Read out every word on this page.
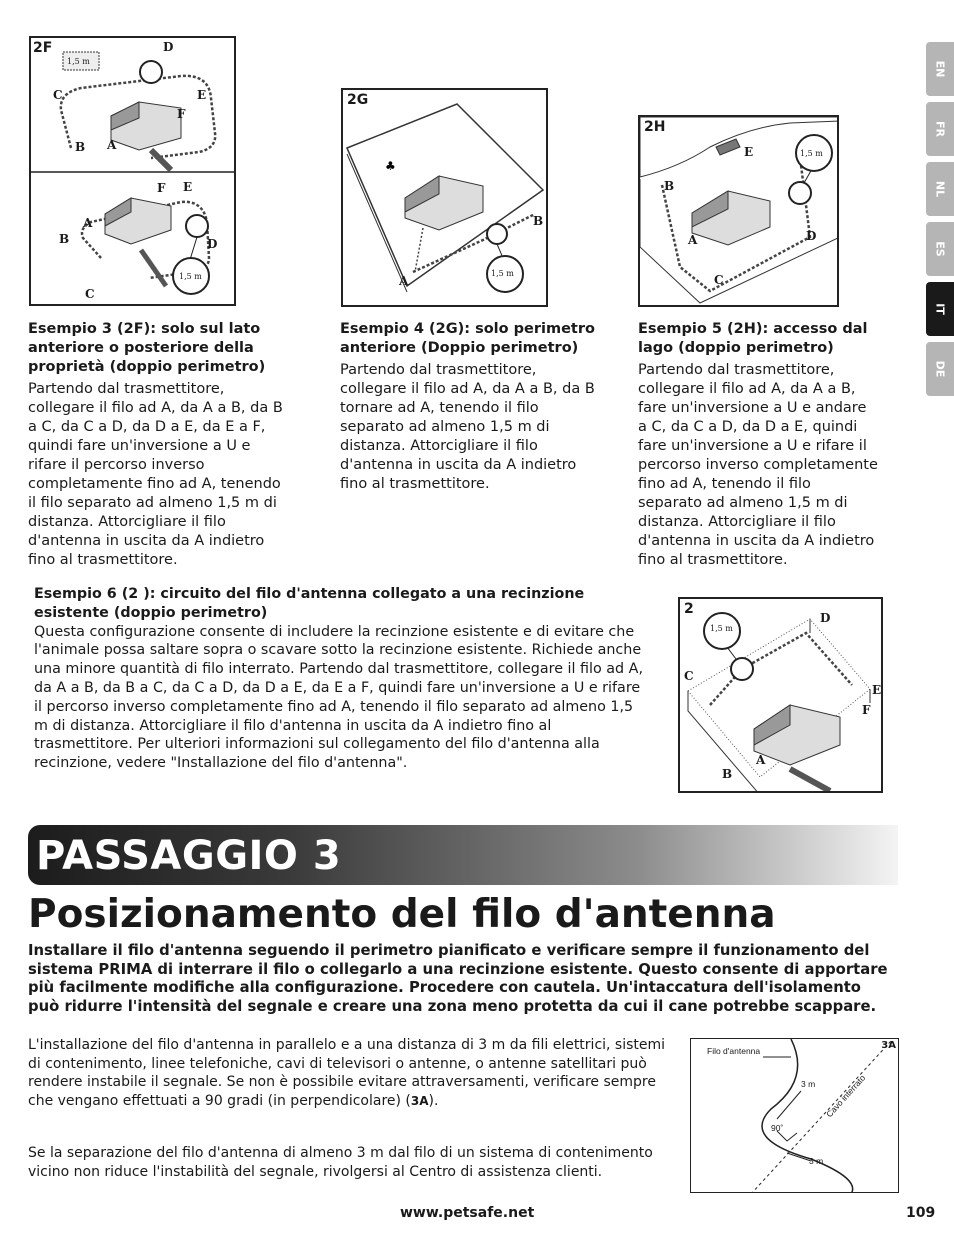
EN
FR
NL
ES
IT
DE
2F
1,5 m
1,5 m
D
C	E
F
B A
F E
A
B	D
C
♣
2G
1,5 m
B
A
2H
1,5 m
E
B
A	D
C

Esempio 3 (2F): solo sul lato anteriore o posteriore della proprietà (doppio perimetro)

Partendo dal trasmettitore, collegare il filo ad A, da A a B, da B a C, da C a D, da D a E, da E a F, quindi fare un'inversione a U e rifare il percorso inverso completamente fino ad A, tenendo il filo separato ad almeno 1,5 m di distanza. Attorcigliare il filo d'antenna in uscita da A indietro fino al trasmettitore.

Esempio 4 (2G): solo perimetro anteriore (Doppio perimetro)

Partendo dal trasmettitore, collegare il filo ad A, da A a B, da B tornare ad A, tenendo il filo separato ad almeno 1,5 m di distanza. Attorcigliare il filo d'antenna in uscita da A indietro fino al trasmettitore.

Esempio 5 (2H): accesso dal lago (doppio perimetro)

Partendo dal trasmettitore, collegare il filo ad A, da A a B, fare un'inversione a U e andare a C, da C a D, da D a E, quindi fare un'inversione a U e rifare il percorso inverso completamente fino ad A, tenendo il filo separato ad almeno 1,5 m di distanza. Attorcigliare il filo d'antenna in uscita da A indietro fino al trasmettitore.

Esempio 6 (2 ): circuito del filo d'antenna collegato a una recinzione esistente (doppio perimetro)

Questa configurazione consente di includere la recinzione esistente e di evitare che l'animale possa saltare sopra o scavare sotto la recinzione esistente. Richiede anche una minore quantità di filo interrato. Partendo dal trasmettitore, collegare il filo ad A, da A a B, da B a C, da C a D, da D a E, da E a F, quindi fare un'inversione a U e rifare il percorso inverso completamente fino ad A, tenendo il filo separato ad almeno 1,5 m di distanza. Attorcigliare il filo d'antenna in uscita da A indietro fino al trasmettitore. Per ulteriori informazioni sul collegamento del filo d'antenna alla recinzione, vedere "Installazione del filo d'antenna".

2
1,5 m
D
C
E
F
A
B
PASSAGGIO 3
Posizionamento del filo d'antenna
Installare il filo d'antenna seguendo il perimetro pianificato e verificare sempre il funzionamento del sistema PRIMA di interrare il filo o collegarlo a una recinzione esistente. Questo consente di apportare più facilmente modifiche alla configurazione. Procedere con cautela. Un'intaccatura dell'isolamento può ridurre l'intensità del segnale e creare una zona meno protetta da cui il cane potrebbe scappare.
L'installazione del filo d'antenna in parallelo e a una distanza di 3 m da fili elettrici, sistemi di contenimento, linee telefoniche, cavi di televisori o antenne, o antenne satellitari può rendere instabile il segnale. Se non è possibile evitare attraversamenti, verificare sempre che vengano effettuati a 90 gradi (in perpendicolare) (3A).
Se la separazione del filo d'antenna di almeno 3 m dal filo di un sistema di contenimento vicino non riduce l'instabilità del segnale, rivolgersi al Centro di assistenza clienti.
3A
Filo d'antenna
Cavo interrato
3 m
90˚
3 m
www.petsafe.net	109
